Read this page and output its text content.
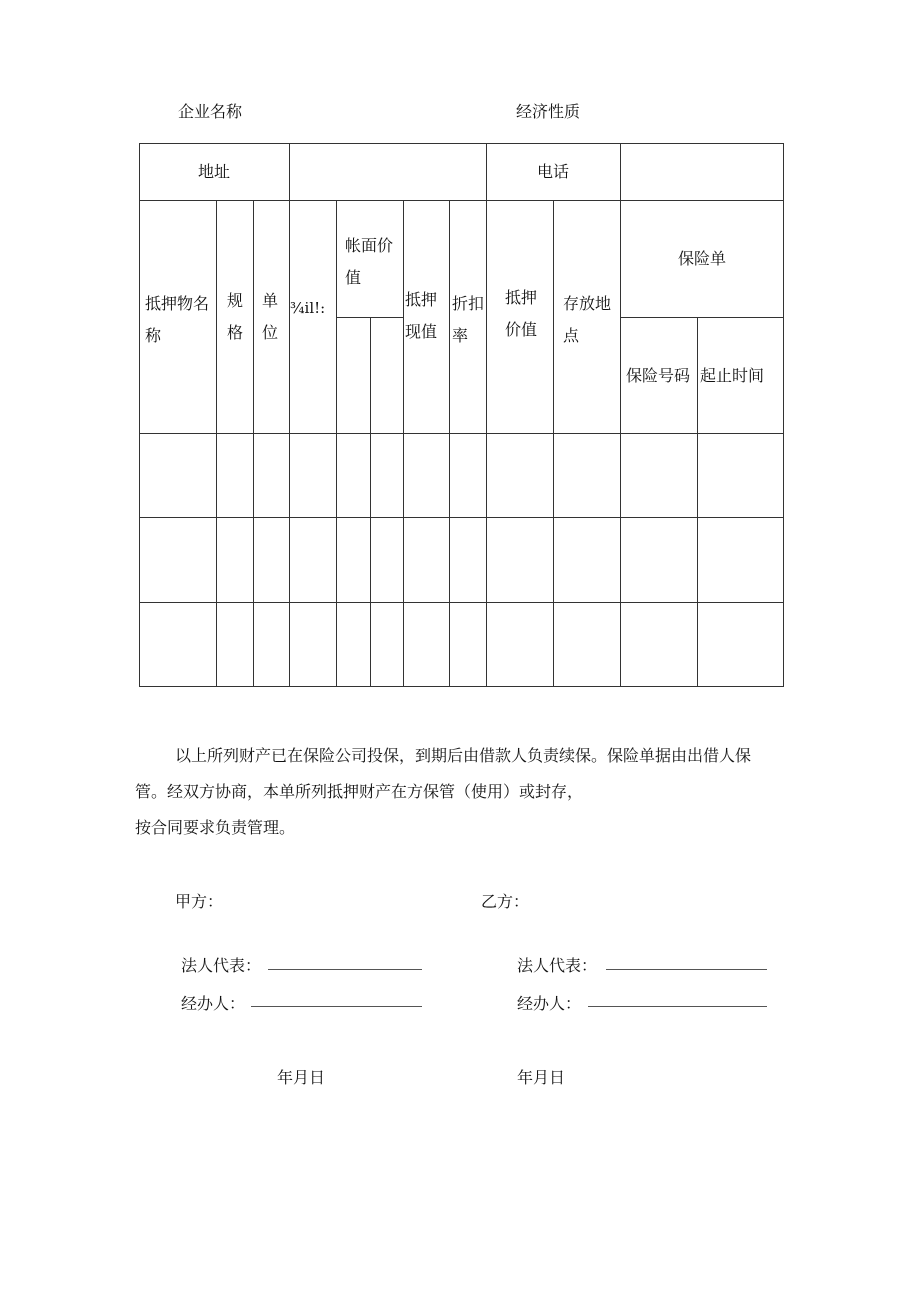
企业名称	经济性质
地址	电话
抵押物名
称
规
格
单
位
¾il!:
帐面价
值
抵押
现值
折扣
率
抵押
价值
存放地
点
保险单
保险号码 起止时间
以上所列财产已在保险公司投保，到期后由借款人负责续保。保险单据由出借人保
管。经双方协商，本单所列抵押财产在方保管（使用）或封存，
按合同要求负责管理。
甲方：
法人代表：
经办人：
年月日
乙方：
法人代表：
经办人：
年月日
